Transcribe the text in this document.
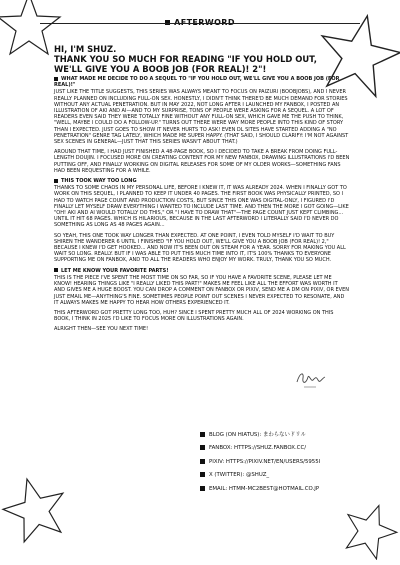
HI, I'M SHUZ.
THANK YOU SO MUCH FOR READING "IF YOU HOLD OUT,
WE'LL GIVE YOU A BOOB JOB (FOR REAL)! 2"!
WHAT MADE ME DECIDE TO DO A SEQUEL TO "IF YOU HOLD OUT, WE'LL GIVE YOU A BOOB JOB (FOR REAL)!"

JUST LIKE THE TITLE SUGGESTS, THIS SERIES WAS ALWAYS MEANT TO FOCUS ON PAIZURI (BOOBJOBS), AND I NEVER REALLY PLANNED ON INCLUDING FULL-ON SEX. HONESTLY, I DIDN'T THINK THERE'D BE MUCH DEMAND FOR STORIES WITHOUT ANY ACTUAL PENETRATION. BUT IN MAY 2022, NOT LONG AFTER I LAUNCHED MY FANBOX, I POSTED AN ILLUSTRATION OF AKI AND AI—AND TO MY SURPRISE, TONS OF PEOPLE WERE ASKING FOR A SEQUEL. A LOT OF READERS EVEN SAID THEY WERE TOTALLY FINE WITHOUT ANY FULL-ON SEX, WHICH GAVE ME THE PUSH TO THINK, "WELL, MAYBE I COULD DO A FOLLOW-UP." TURNS OUT THERE WERE WAY MORE PEOPLE INTO THIS KIND OF STORY THAN I EXPECTED. JUST GOES TO SHOW IT NEVER HURTS TO ASK! EVEN DL SITES HAVE STARTED ADDING A "NO PENETRATION" GENRE TAG LATELY, WHICH MADE ME SUPER HAPPY. (THAT SAID, I SHOULD CLARIFY: I'M NOT AGAINST SEX SCENES IN GENERAL—JUST THAT THIS SERIES WASN'T ABOUT THAT.)

AROUND THAT TIME, I HAD JUST FINISHED A 48-PAGE BOOK, SO I DECIDED TO TAKE A BREAK FROM DOING FULL-LENGTH DOUJIN. I FOCUSED MORE ON CREATING CONTENT FOR MY NEW FANBOX, DRAWING ILLUSTRATIONS I'D BEEN PUTTING OFF, AND FINALLY WORKING ON DIGITAL RELEASES FOR SOME OF MY OLDER WORKS—SOMETHING FANS HAD BEEN REQUESTING FOR A WHILE.

THIS TOOK WAY TOO LONG

THANKS TO SOME CHAOS IN MY PERSONAL LIFE, BEFORE I KNEW IT, IT WAS ALREADY 2024. WHEN I FINALLY GOT TO WORK ON THIS SEQUEL, I PLANNED TO KEEP IT UNDER 40 PAGES. THE FIRST BOOK WAS PHYSICALLY PRINTED, SO I HAD TO WATCH PAGE COUNT AND PRODUCTION COSTS, BUT SINCE THIS ONE WAS DIGITAL-ONLY, I FIGURED I'D FINALLY LET MYSELF DRAW EVERYTHING I WANTED TO INCLUDE LAST TIME. AND THEN THE MORE I GOT GOING—LIKE "OH! AKI AND AI WOULD TOTALLY DO THIS," OR "I HAVE TO DRAW THAT"—THE PAGE COUNT JUST KEPT CLIMBING... UNTIL IT HIT 68 PAGES. WHICH IS HILARIOUS, BECAUSE IN THE LAST AFTERWORD I LITERALLY SAID I'D NEVER DO SOMETHING AS LONG AS 48 PAGES AGAIN...

SO YEAH, THIS ONE TOOK WAY LONGER THAN EXPECTED. AT ONE POINT, I EVEN TOLD MYSELF I'D WAIT TO BUY SHIREN THE WANDERER 6 UNTIL I FINISHED "IF YOU HOLD OUT, WE'LL GIVE YOU A BOOB JOB (FOR REAL)! 2," BECAUSE I KNEW I'D GET HOOKED... AND NOW IT'S BEEN OUT ON STEAM FOR A YEAR. SORRY FOR MAKING YOU ALL WAIT SO LONG. REALLY. BUT IF I WAS ABLE TO PUT THIS MUCH TIME INTO IT, IT'S 100% THANKS TO EVERYONE SUPPORTING ME ON FANBOX, AND TO ALL THE READERS WHO ENJOY MY WORK. TRULY, THANK YOU SO MUCH.

LET ME KNOW YOUR FAVORITE PARTS!

THIS IS THE PIECE I'VE SPENT THE MOST TIME ON SO FAR, SO IF YOU HAVE A FAVORITE SCENE, PLEASE LET ME KNOW! HEARING THINGS LIKE "I REALLY LIKED THIS PART!" MAKES ME FEEL LIKE ALL THE EFFORT WAS WORTH IT AND GIVES ME A HUGE BOOST. YOU CAN DROP A COMMENT ON FANBOX OR PIXIV, SEND ME A DM ON PIXIV, OR EVEN JUST EMAIL ME—ANYTHING'S FINE. SOMETIMES PEOPLE POINT OUT SCENES I NEVER EXPECTED TO RESONATE, AND IT ALWAYS MAKES ME HAPPY TO HEAR HOW OTHERS EXPERIENCED IT.

THIS AFTERWORD GOT PRETTY LONG TOO, HUH? SINCE I SPENT PRETTY MUCH ALL OF 2024 WORKING ON THIS BOOK, I THINK IN 2025 I'D LIKE TO FOCUS MORE ON ILLUSTRATIONS AGAIN.

ALRIGHT THEN—SEE YOU NEXT TIME!

BLOG (ON HIATUS): まわらないドリル
FANBOX: HTTPS://SHUZ.FANBOX.CC/
PIXIV: HTTPS://PIXIV.NET/EN/USERS/5955I
X (TWITTER): @SHUZ_
EMAIL: HTMM-MC2BEST@HOTMAIL.CO.JP
